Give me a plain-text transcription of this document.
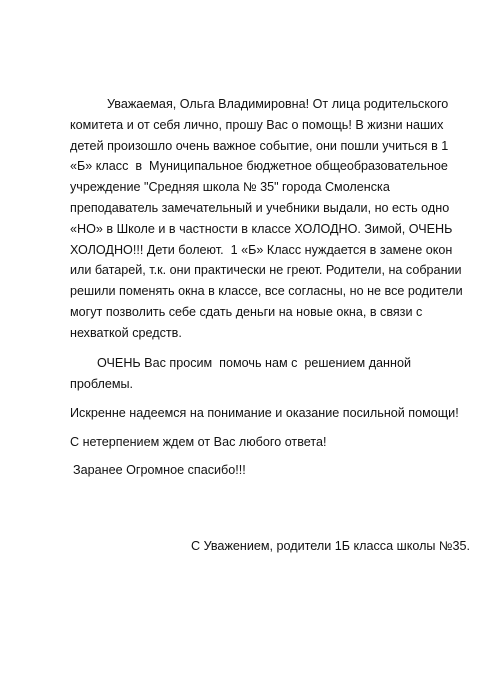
Уважаемая, Ольга Владимировна! От лица родительского
комитета и от себя лично, прошу Вас о помощь! В жизни наших
детей произошло очень важное событие, они пошли учиться в 1
«Б» класс  в  Муниципальное бюджетное общеобразовательное
учреждение "Средняя школа № 35" города Смоленска
преподаватель замечательный и учебники выдали, но есть одно
«НО» в Школе и в частности в классе ХОЛОДНО. Зимой, ОЧЕНЬ
ХОЛОДНО!!! Дети болеют.  1 «Б» Класс нуждается в замене окон
или батарей, т.к. они практически не греют. Родители, на собрании
решили поменять окна в классе, все согласны, но не все родители
могут позволить себе сдать деньги на новые окна, в связи с
нехваткой средств.
ОЧЕНЬ Вас просим  помочь нам с  решением данной
проблемы.
Искренне надеемся на понимание и оказание посильной помощи!
С нетерпением ждем от Вас любого ответа!
Заранее Огромное спасибо!!!
С Уважением, родители 1Б класса школы №35.
